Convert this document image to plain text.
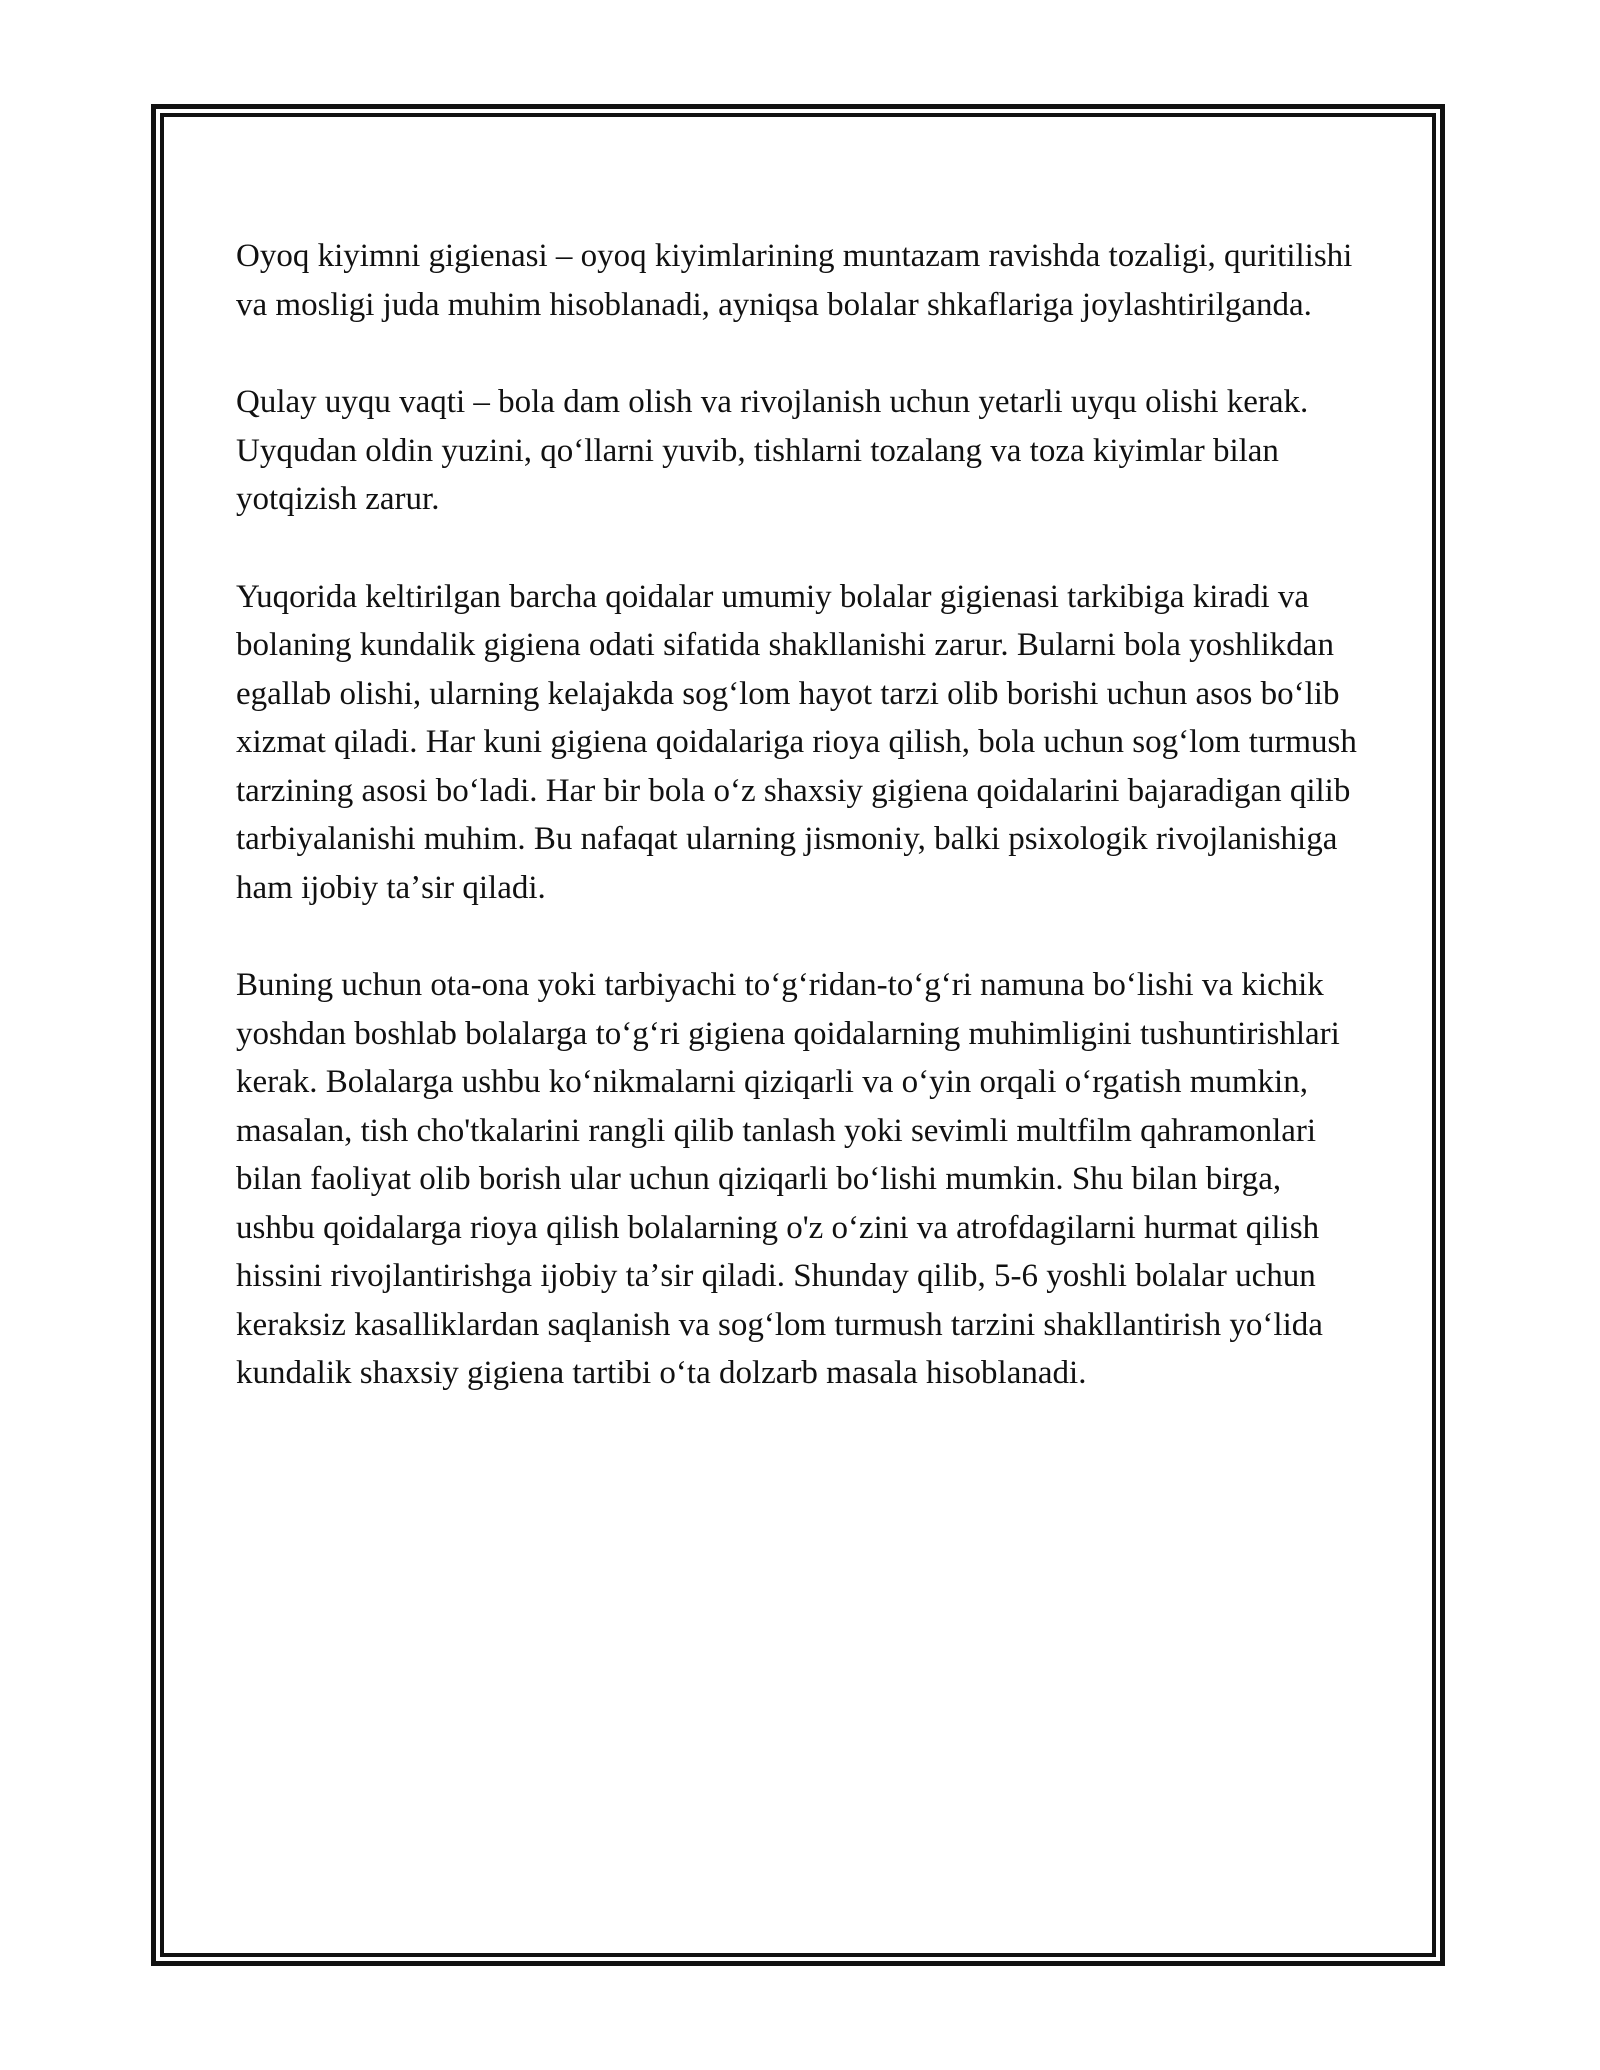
Oyoq kiyimni gigienasi – oyoq kiyimlarining muntazam ravishda tozaligi, quritilishi va mosligi juda muhim hisoblanadi, ayniqsa bolalar shkaflariga joylashtirilganda.

Qulay uyqu vaqti – bola dam olish va rivojlanish uchun yetarli uyqu olishi kerak. Uyqudan oldin yuzini, qoʻllarni yuvib, tishlarni tozalang va toza kiyimlar bilan yotqizish zarur.

Yuqorida keltirilgan barcha qoidalar umumiy bolalar gigienasi tarkibiga kiradi va bolaning kundalik gigiena odati sifatida shakllanishi zarur. Bularni bola yoshlikdan egallab olishi, ularning kelajakda sogʻlom hayot tarzi olib borishi uchun asos boʻlib xizmat qiladi. Har kuni gigiena qoidalariga rioya qilish, bola uchun sogʻlom turmush tarzining asosi boʻladi. Har bir bola oʻz shaxsiy gigiena qoidalarini bajaradigan qilib tarbiyalanishi muhim. Bu nafaqat ularning jismoniy, balki psixologik rivojlanishiga ham ijobiy taʼsir qiladi.

Buning uchun ota-ona yoki tarbiyachi toʻgʻridan-toʻgʻri namuna boʻlishi va kichik yoshdan boshlab bolalarga toʻgʻri gigiena qoidalarning muhimligini tushuntirishlari kerak. Bolalarga ushbu koʻnikmalarni qiziqarli va oʻyin orqali oʻrgatish mumkin, masalan, tish cho'tkalarini rangli qilib tanlash yoki sevimli multfilm qahramonlari bilan faoliyat olib borish ular uchun qiziqarli boʻlishi mumkin. Shu bilan birga, ushbu qoidalarga rioya qilish bolalarning o'z oʻzini va atrofdagilarni hurmat qilish hissini rivojlantirishga ijobiy taʼsir qiladi. Shunday qilib, 5-6 yoshli bolalar uchun keraksiz kasalliklardan saqlanish va sogʻlom turmush tarzini shakllantirish yoʻlida kundalik shaxsiy gigiena tartibi oʻta dolzarb masala hisoblanadi.
